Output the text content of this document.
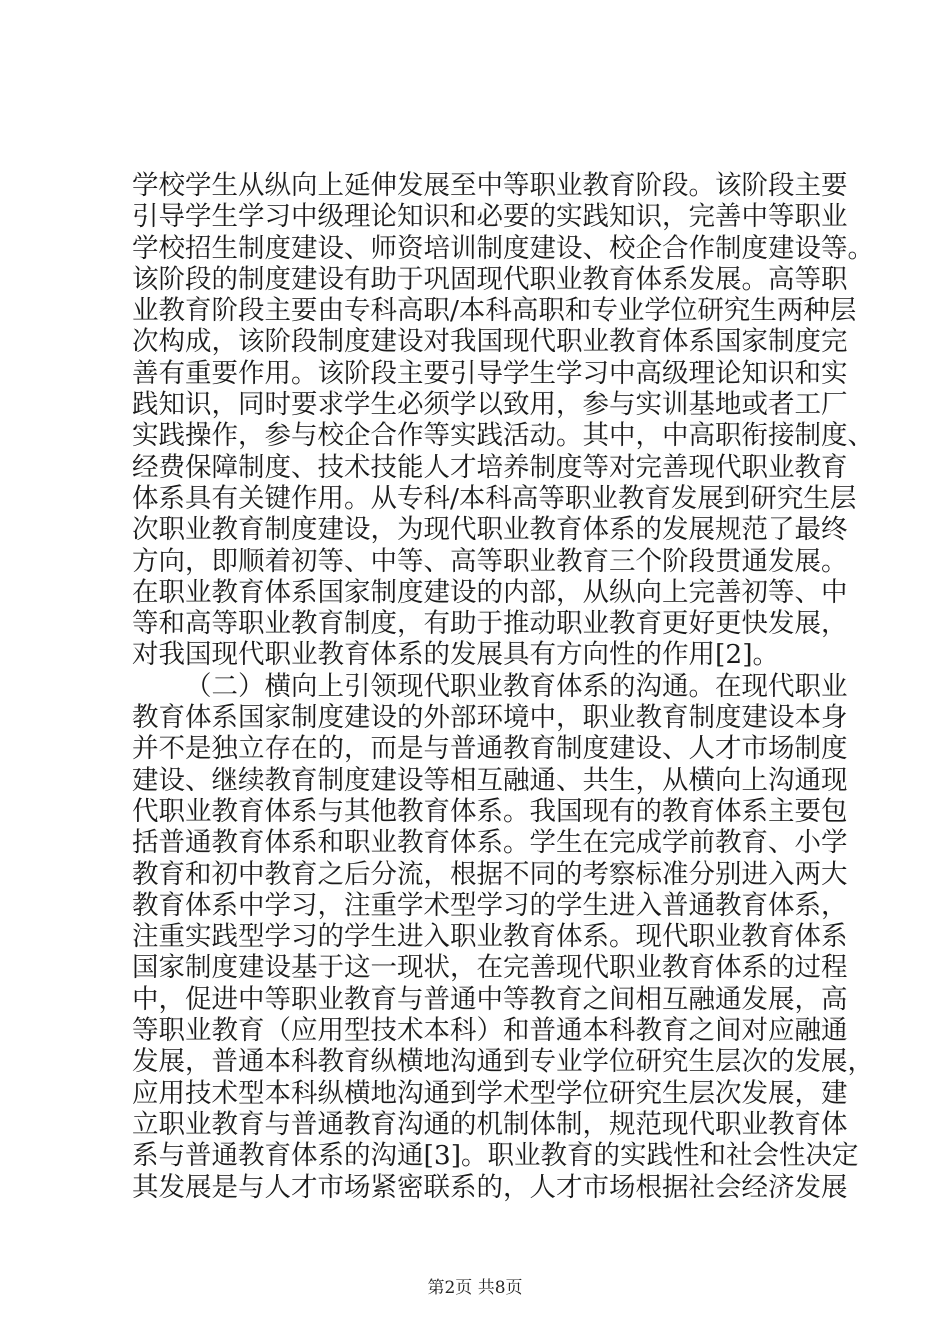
学校学生从纵向上延伸发展至中等职业教育阶段。该阶段主要
引导学生学习中级理论知识和必要的实践知识，完善中等职业
学校招生制度建设、师资培训制度建设、校企合作制度建设等。
该阶段的制度建设有助于巩固现代职业教育体系发展。高等职
业教育阶段主要由专科高职/本科高职和专业学位研究生两种层
次构成，该阶段制度建设对我国现代职业教育体系国家制度完
善有重要作用。该阶段主要引导学生学习中高级理论知识和实
践知识，同时要求学生必须学以致用，参与实训基地或者工厂
实践操作，参与校企合作等实践活动。其中，中高职衔接制度、
经费保障制度、技术技能人才培养制度等对完善现代职业教育
体系具有关键作用。从专科/本科高等职业教育发展到研究生层
次职业教育制度建设，为现代职业教育体系的发展规范了最终
方向，即顺着初等、中等、高等职业教育三个阶段贯通发展。
在职业教育体系国家制度建设的内部，从纵向上完善初等、中
等和高等职业教育制度，有助于推动职业教育更好更快发展，
对我国现代职业教育体系的发展具有方向性的作用[2]。
（二）横向上引领现代职业教育体系的沟通。在现代职业
教育体系国家制度建设的外部环境中，职业教育制度建设本身
并不是独立存在的，而是与普通教育制度建设、人才市场制度
建设、继续教育制度建设等相互融通、共生，从横向上沟通现
代职业教育体系与其他教育体系。我国现有的教育体系主要包
括普通教育体系和职业教育体系。学生在完成学前教育、小学
教育和初中教育之后分流，根据不同的考察标准分别进入两大
教育体系中学习，注重学术型学习的学生进入普通教育体系，
注重实践型学习的学生进入职业教育体系。现代职业教育体系
国家制度建设基于这一现状，在完善现代职业教育体系的过程
中，促进中等职业教育与普通中等教育之间相互融通发展，高
等职业教育（应用型技术本科）和普通本科教育之间对应融通
发展，普通本科教育纵横地沟通到专业学位研究生层次的发展，
应用技术型本科纵横地沟通到学术型学位研究生层次发展，建
立职业教育与普通教育沟通的机制体制，规范现代职业教育体
系与普通教育体系的沟通[3]。职业教育的实践性和社会性决定
其发展是与人才市场紧密联系的，人才市场根据社会经济发展
第2页 共8页
